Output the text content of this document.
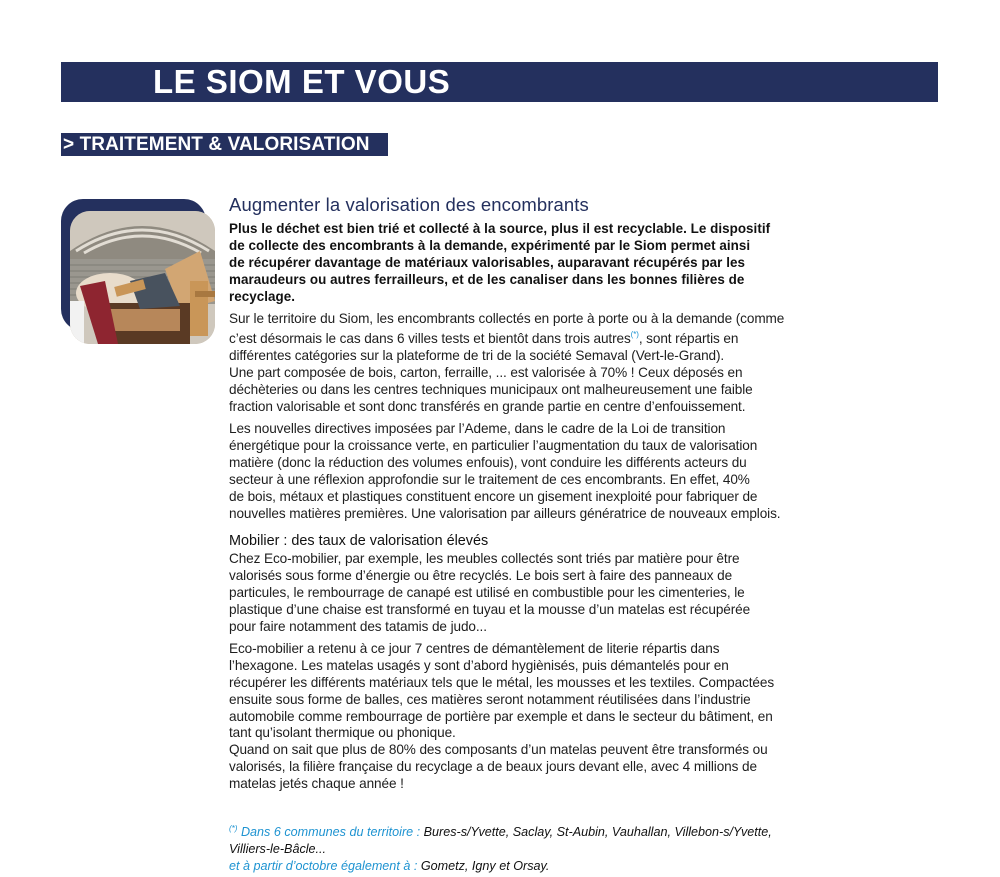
LE SIOM ET VOUS
> TRAITEMENT & VALORISATION
Augmenter la valorisation des encombrants

Plus le déchet est bien trié et collecté à la source, plus il est recyclable. Le dispositif
de collecte des encombrants à la demande, expérimenté par le Siom permet ainsi
de récupérer davantage de matériaux valorisables, auparavant récupérés par les
maraudeurs ou autres ferrailleurs, et de les canaliser dans les bonnes filières de
recyclage.

Sur le territoire du Siom, les encombrants collectés en porte à porte ou à la demande (comme
c’est désormais le cas dans 6 villes tests et bientôt dans trois autres(*), sont répartis en
différentes catégories sur la plateforme de tri de la société Semaval (Vert-le-Grand).
Une part composée de bois, carton, ferraille, ... est valorisée à 70% ! Ceux déposés en
déchèteries ou dans les centres techniques municipaux ont malheureusement une faible
fraction valorisable et sont donc transférés en grande partie en centre d’enfouissement.

Les nouvelles directives imposées par l’Ademe, dans le cadre de la Loi de transition
énergétique pour la croissance verte, en particulier l’augmentation du taux de valorisation
matière (donc la réduction des volumes enfouis), vont conduire les différents acteurs du
secteur à une réflexion approfondie sur le traitement de ces encombrants. En effet, 40%
de bois, métaux et plastiques constituent encore un gisement inexploité pour fabriquer de
nouvelles matières premières. Une valorisation par ailleurs génératrice de nouveaux emplois.

Mobilier : des taux de valorisation élevés

Chez Eco-mobilier, par exemple, les meubles collectés sont triés par matière pour être
valorisés sous forme d’énergie ou être recyclés. Le bois sert à faire des panneaux de
particules, le rembourrage de canapé est utilisé en combustible pour les cimenteries, le
plastique d’une chaise est transformé en tuyau et la mousse d’un matelas est récupérée
pour faire notamment des tatamis de judo...

Eco-mobilier a retenu à ce jour 7 centres de démantèlement de literie répartis dans
l’hexagone. Les matelas usagés y sont d’abord hygiènisés, puis démantelés pour en
récupérer les différents matériaux tels que le métal, les mousses et les textiles. Compactées
ensuite sous forme de balles, ces matières seront notamment réutilisées dans l’industrie
automobile comme rembourrage de portière par exemple et dans le secteur du bâtiment, en
tant qu’isolant thermique ou phonique.

Quand on sait que plus de 80% des composants d’un matelas peuvent être transformés ou
valorisés, la filière française du recyclage a de beaux jours devant elle, avec 4 millions de
matelas jetés chaque année !

(*) Dans 6 communes du territoire : Bures-s/Yvette, Saclay, St-Aubin, Vauhallan, Villebon-s/Yvette,
Villiers-le-Bâcle...
et à partir d’octobre également à : Gometz, Igny et Orsay.
